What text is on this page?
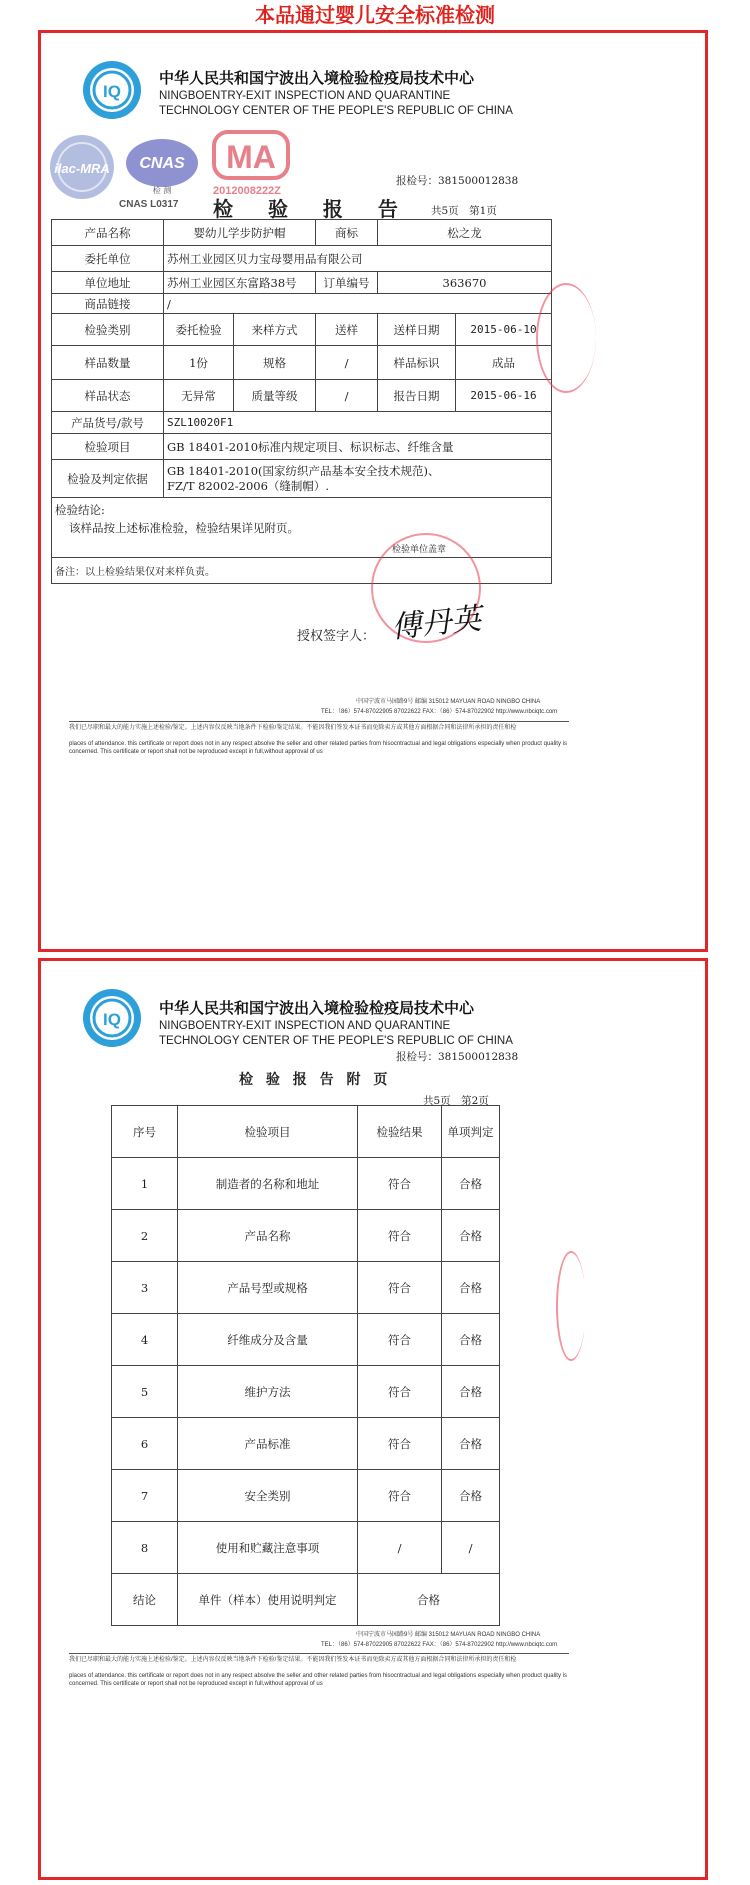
本品通过婴儿安全标准检测
IQ
中华人民共和国宁波出入境检验检疫局技术中心
NINGBOENTRY-EXIT INSPECTION AND QUARANTINE
TECHNOLOGY CENTER OF THE PEOPLE'S REPUBLIC OF CHINA
ilac-MRA CNAS
检 测
CNAS L0317
MA
2012008222Z
报检号：381500012838
检 验 报 告 共5页　第1页
产品名称	婴幼儿学步防护帽		商标	松之龙	
委托单位	苏州工业园区贝力宝母婴用品有限公司				
单位地址	苏州工业园区东富路38号		订单编号	363670	
商品链接	/				
检验类别	委托检验	来样方式	送样	送样日期	2015-06-10
样品数量	1份	规格	/	样品标识	成品
样品状态	无异常	质量等级	/	报告日期	2015-06-16
产品货号/款号	SZL10020F1				
检验项目	GB 18401-2010标准内规定项目、标识标志、纤维含量				
检验及判定依据	GB 18401-2010(国家纺织产品基本安全技术规范)、
FZ/T 82002-2006（缝制帽）.				

检验结论:
该样品按上述标准检验，检验结果详见附页。
检验单位盖章					

备注：以上检验结果仅对来样负责。					
授权签字人： 傅丹英
中国宁波市马园路9号 邮编 315012 MAYUAN ROAD NINGBO CHINA
TEL：（86）574-87022905 87022622 FAX：（86）574-87022902 http://www.nbciqtc.com
我们已尽职和最大的能力实施上述检验/鉴定。上述内容仅反映当地条件下检验/鉴定结果。不能因我们签发本证书而免除卖方或其他方面根据合同和法律所承担的责任和检
places of attendance. this certificate or report does not in any respect absolve the seller and other related parties from hisocntractual and legal obligations especially when product quality is
concerned. This certificate or report shall not be reproduced except in full,without approval of us
IQ
中华人民共和国宁波出入境检验检疫局技术中心
NINGBOENTRY-EXIT INSPECTION AND QUARANTINE
TECHNOLOGY CENTER OF THE PEOPLE'S REPUBLIC OF CHINA
报检号：381500012838
检 验 报 告 附 页
共5页　第2页
序号	检验项目	检验结果	单项判定
1	制造者的名称和地址	符合	合格
2	产品名称	符合	合格
3	产品号型或规格	符合	合格
4	纤维成分及含量	符合	合格
5	维护方法	符合	合格
6	产品标准	符合	合格
7	安全类别	符合	合格
8	使用和贮藏注意事项	/	/
结论	单件（样本）使用说明判定	合格	
中国宁波市马园路9号 邮编 315012 MAYUAN ROAD NINGBO CHINA
TEL：（86）574-87022905 87022622 FAX：（86）574-87022902 http://www.nbciqtc.com
我们已尽职和最大的能力实施上述检验/鉴定。上述内容仅反映当地条件下检验/鉴定结果。不能因我们签发本证书而免除卖方或其他方面根据合同和法律所承担的责任和检
places of attendance. this certificate or report does not in any respect absolve the seller and other related parties from hisocntractual and legal obligations especially when product quality is
concerned. This certificate or report shall not be reproduced except in full,without approval of us
